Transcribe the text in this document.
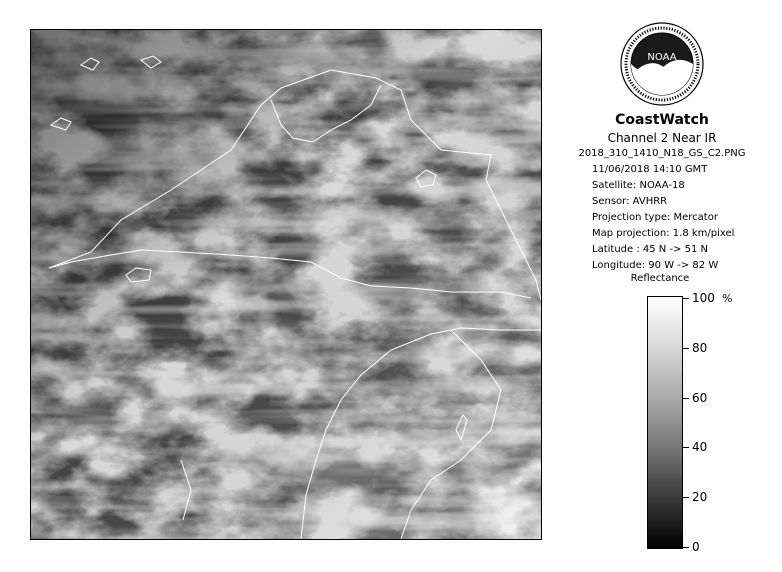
NOAA
CoastWatch
Channel 2 Near IR
2018_310_1410_N18_GS_C2.PNG
11/06/2018 14:10 GMT
Satellite: NOAA-18
Sensor: AVHRR
Projection type: Mercator
Map projection: 1.8 km/pixel
Latitude : 45 N -> 51 N
Longitude: 90 W -> 82 W
Reflectance
%
100
80
60
40
20
0
